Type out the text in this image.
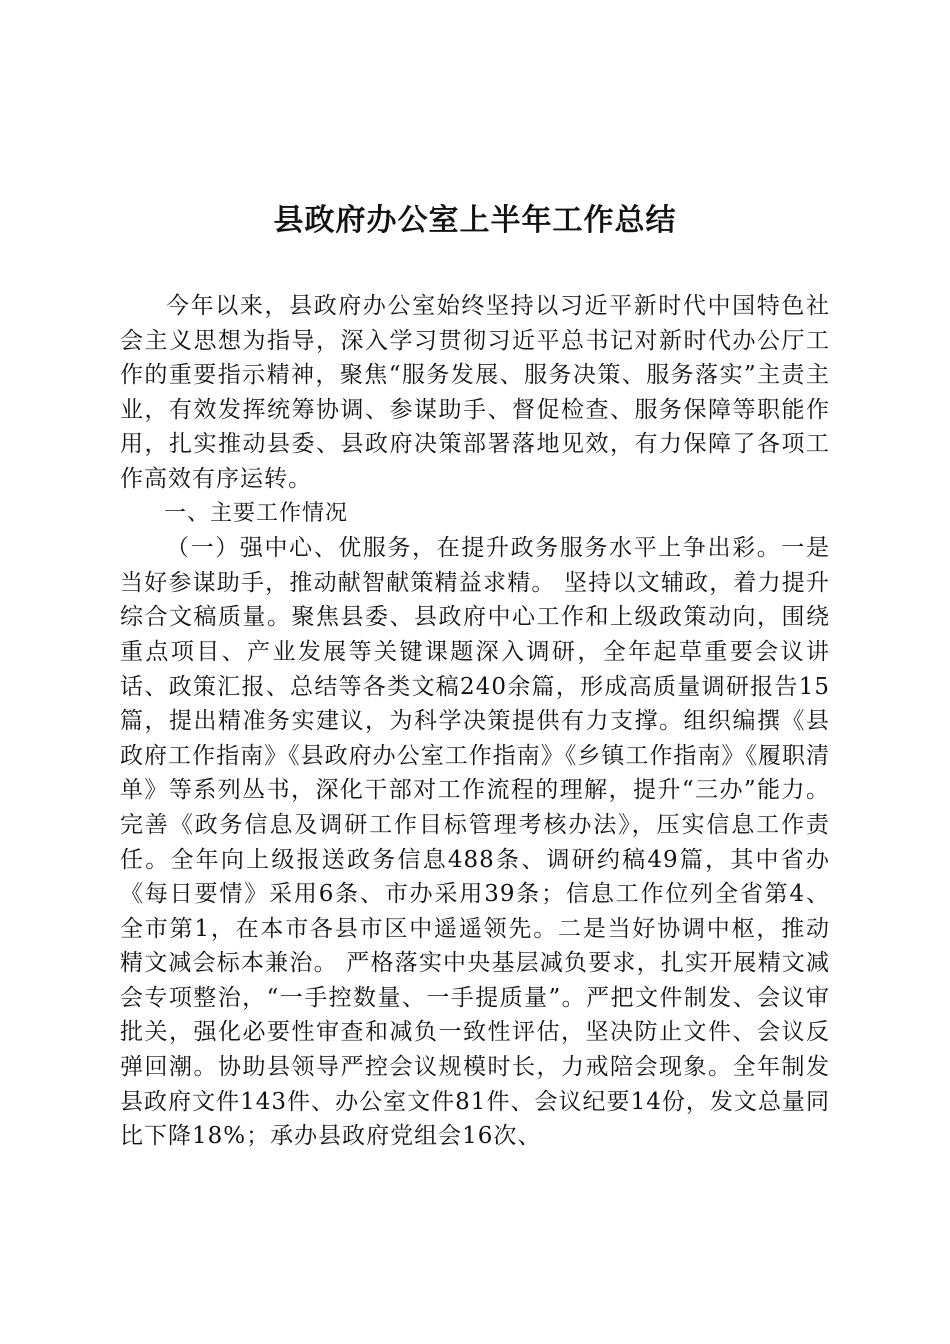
县政府办公室上半年工作总结

今年以来，县政府办公室始终坚持以习近平新时代中国特色社会主义思想为指导，深入学习贯彻习近平总书记对新时代办公厅工作的重要指示精神，聚焦“服务发展、服务决策、服务落实”主责主业，有效发挥统筹协调、参谋助手、督促检查、服务保障等职能作用，扎实推动县委、县政府决策部署落地见效，有力保障了各项工作高效有序运转。

一、主要工作情况

（一）强中心、优服务，在提升政务服务水平上争出彩。一是当好参谋助手，推动献智献策精益求精。 坚持以文辅政，着力提升综合文稿质量。聚焦县委、县政府中心工作和上级政策动向，围绕重点项目、产业发展等关键课题深入调研，全年起草重要会议讲话、政策汇报、总结等各类文稿240余篇，形成高质量调研报告15篇，提出精准务实建议，为科学决策提供有力支撑。组织编撰《县政府工作指南》《县政府办公室工作指南》《乡镇工作指南》《履职清单》等系列丛书，深化干部对工作流程的理解，提升“三办”能力。完善《政务信息及调研工作目标管理考核办法》，压实信息工作责任。全年向上级报送政务信息488条、调研约稿49篇，其中省办《每日要情》采用6条、市办采用39条；信息工作位列全省第4、全市第1，在本市各县市区中遥遥领先。二是当好协调中枢，推动精文减会标本兼治。 严格落实中央基层减负要求，扎实开展精文减会专项整治，“一手控数量、一手提质量”。严把文件制发、会议审批关，强化必要性审查和减负一致性评估，坚决防止文件、会议反弹回潮。协助县领导严控会议规模时长，力戒陪会现象。全年制发县政府文件143件、办公室文件81件、会议纪要14份，发文总量同比下降18%；承办县政府党组会16次、
